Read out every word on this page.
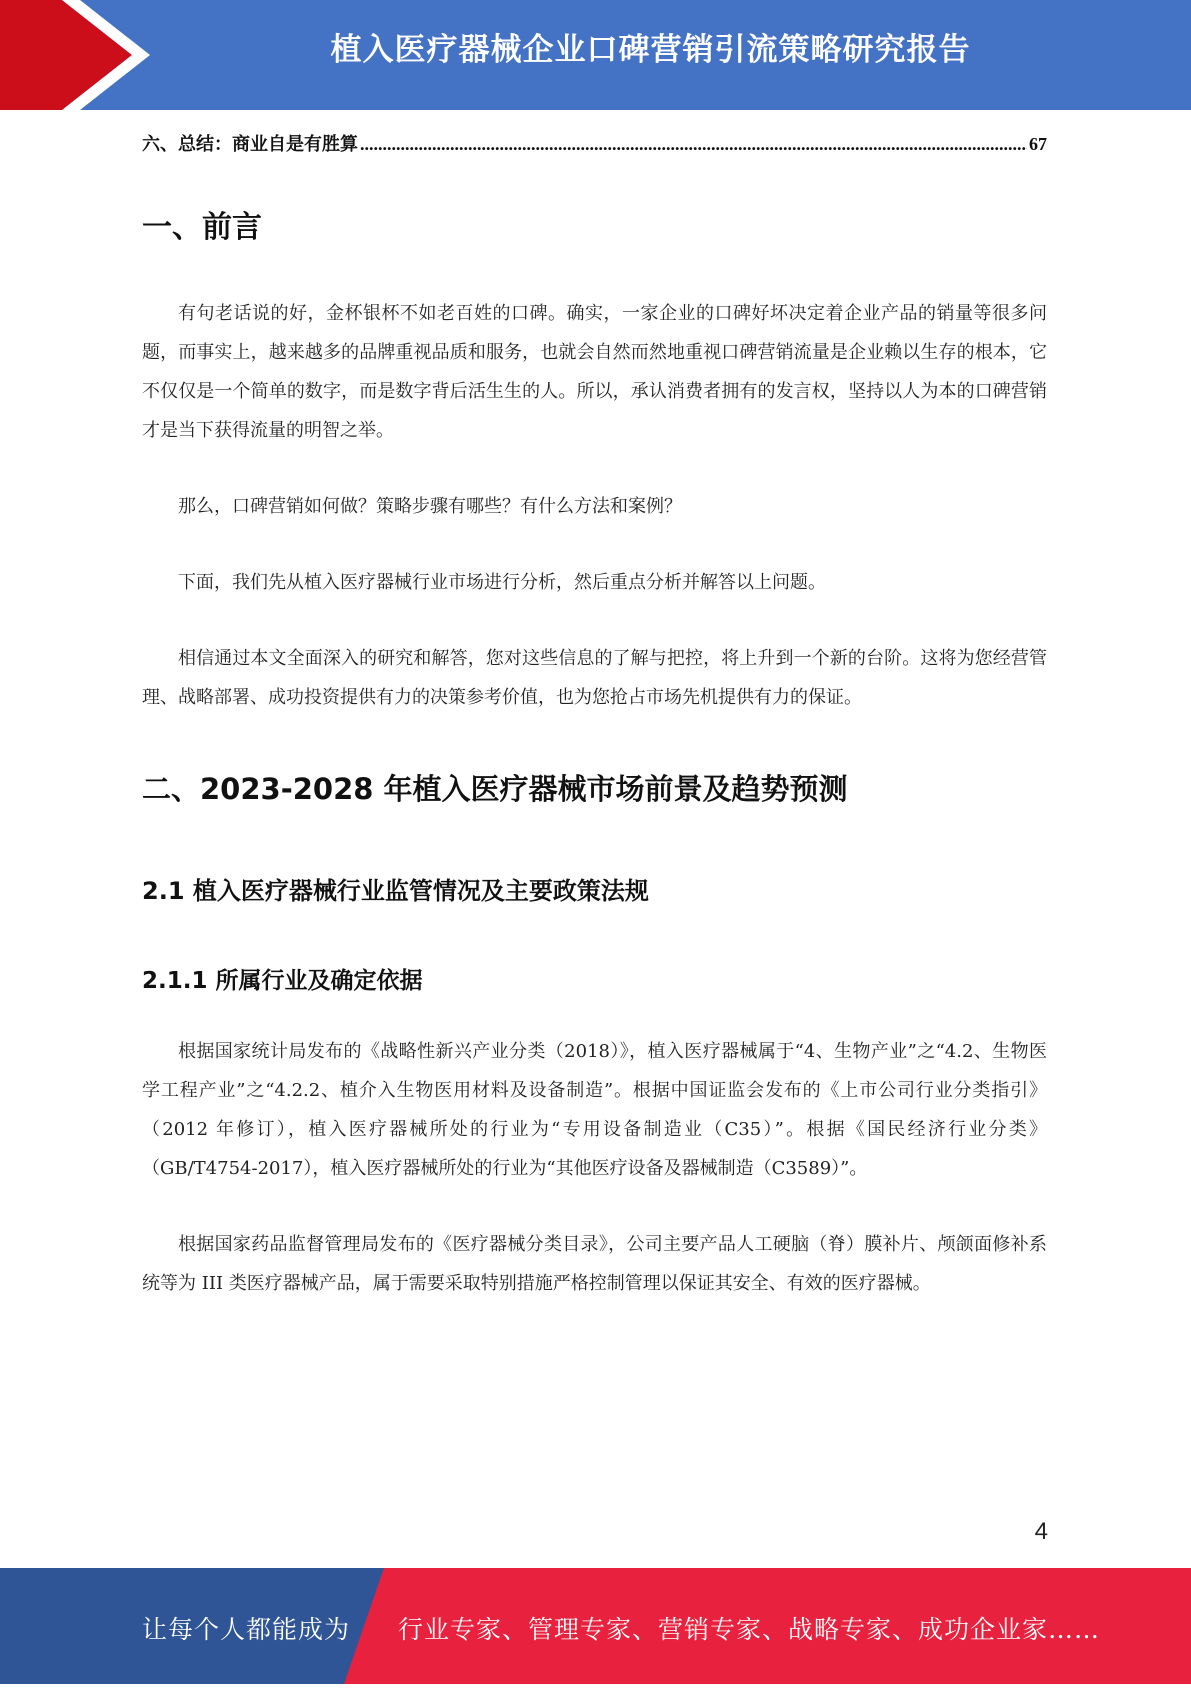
植入医疗器械企业口碑营销引流策略研究报告
六、总结：商业自是有胜算
.....	67
一、前言

有句老话说的好，金杯银杯不如老百姓的口碑。确实，一家企业的口碑好坏决定着企业产品的销量等很多问题，而事实上，越来越多的品牌重视品质和服务，也就会自然而然地重视口碑营销流量是企业赖以生存的根本，它不仅仅是一个简单的数字，而是数字背后活生生的人。所以，承认消费者拥有的发言权，坚持以人为本的口碑营销才是当下获得流量的明智之举。

那么，口碑营销如何做？策略步骤有哪些？有什么方法和案例？

下面，我们先从植入医疗器械行业市场进行分析，然后重点分析并解答以上问题。

相信通过本文全面深入的研究和解答，您对这些信息的了解与把控，将上升到一个新的台阶。这将为您经营管理、战略部署、成功投资提供有力的决策参考价值，也为您抢占市场先机提供有力的保证。

二、2023-2028 年植入医疗器械市场前景及趋势预测
2.1 植入医疗器械行业监管情况及主要政策法规
2.1.1 所属行业及确定依据

根据国家统计局发布的《战略性新兴产业分类（2018）》，植入医疗器械属于“4、生物产业”之“4.2、生物医学工程产业”之“4.2.2、植介入生物医用材料及设备制造”。根据中国证监会发布的《上市公司行业分类指引》（2012 年修订），植入医疗器械所处的行业为“专用设备制造业（C35）”。根据《国民经济行业分类》（GB/T4754-2017），植入医疗器械所处的行业为“其他医疗设备及器械制造（C3589）”。

根据国家药品监督管理局发布的《医疗器械分类目录》，公司主要产品人工硬脑（脊）膜补片、颅颌面修补系统等为 III 类医疗器械产品，属于需要采取特别措施严格控制管理以保证其安全、有效的医疗器械。

4
让每个人都能成为 行业专家、管理专家、营销专家、战略专家、成功企业家……
